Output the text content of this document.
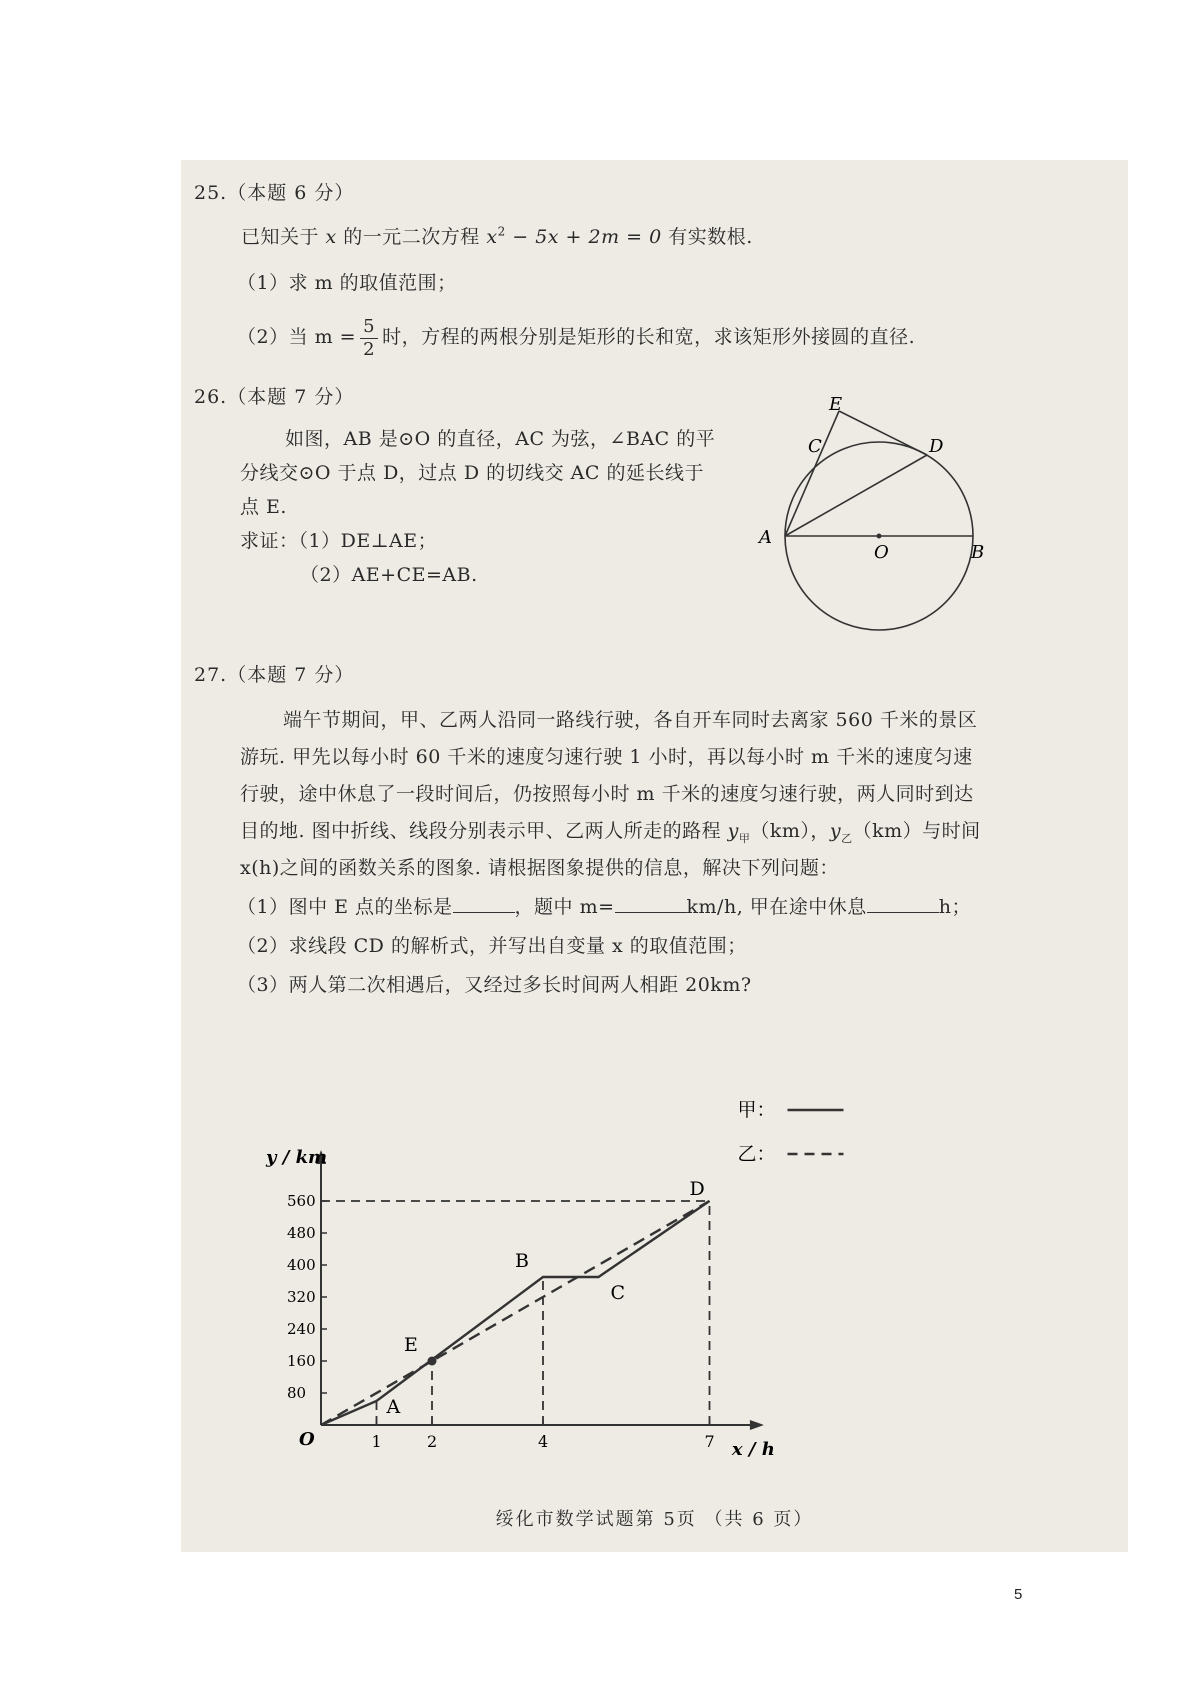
25.（本题 6 分）
已知关于 x 的一元二次方程 $x^2 - 5x + 2m = 0$ 有实数根.
（1）求 m 的取值范围；
（2）当 $m = \frac{5}{2}$ 时，方程的两根分别是矩形的长和宽，求该矩形外接圆的直径.
26.（本题 7 分）
如图，AB 是⊙O 的直径，AC 为弦，∠BAC 的平
分线交⊙O 于点 D，过点 D 的切线交 AC 的延长线于
点 E.
求证：（1）DE⊥AE；
（2）AE+CE=AB.
E
C	D
A
O	B
27.（本题 7 分）
端午节期间，甲、乙两人沿同一路线行驶，各自开车同时去离家 560 千米的景区
游玩. 甲先以每小时 60 千米的速度匀速行驶 1 小时，再以每小时 m 千米的速度匀速
行驶，途中休息了一段时间后，仍按照每小时 m 千米的速度匀速行驶，两人同时到达
目的地. 图中折线、线段分别表示甲、乙两人所走的路程 $y_甲(km)$，$y_乙(km)$与时间
x(h)之间的函数关系的图象. 请根据图象提供的信息，解决下列问题：
（1）图中 E 点的坐标是	，题中 m=	km/h, 甲在途中休息	h；
（2）求线段 CD 的解析式，并写出自变量 x 的取值范围；
（3）两人第二次相遇后，又经过多长时间两人相距 20km?
x / h
y / km
O	1	2	4	7
80
160
240
320
400
480
560
A
E
B
C
D
甲：
乙：
绥化市数学试题第 5页 （共 6 页）
5
